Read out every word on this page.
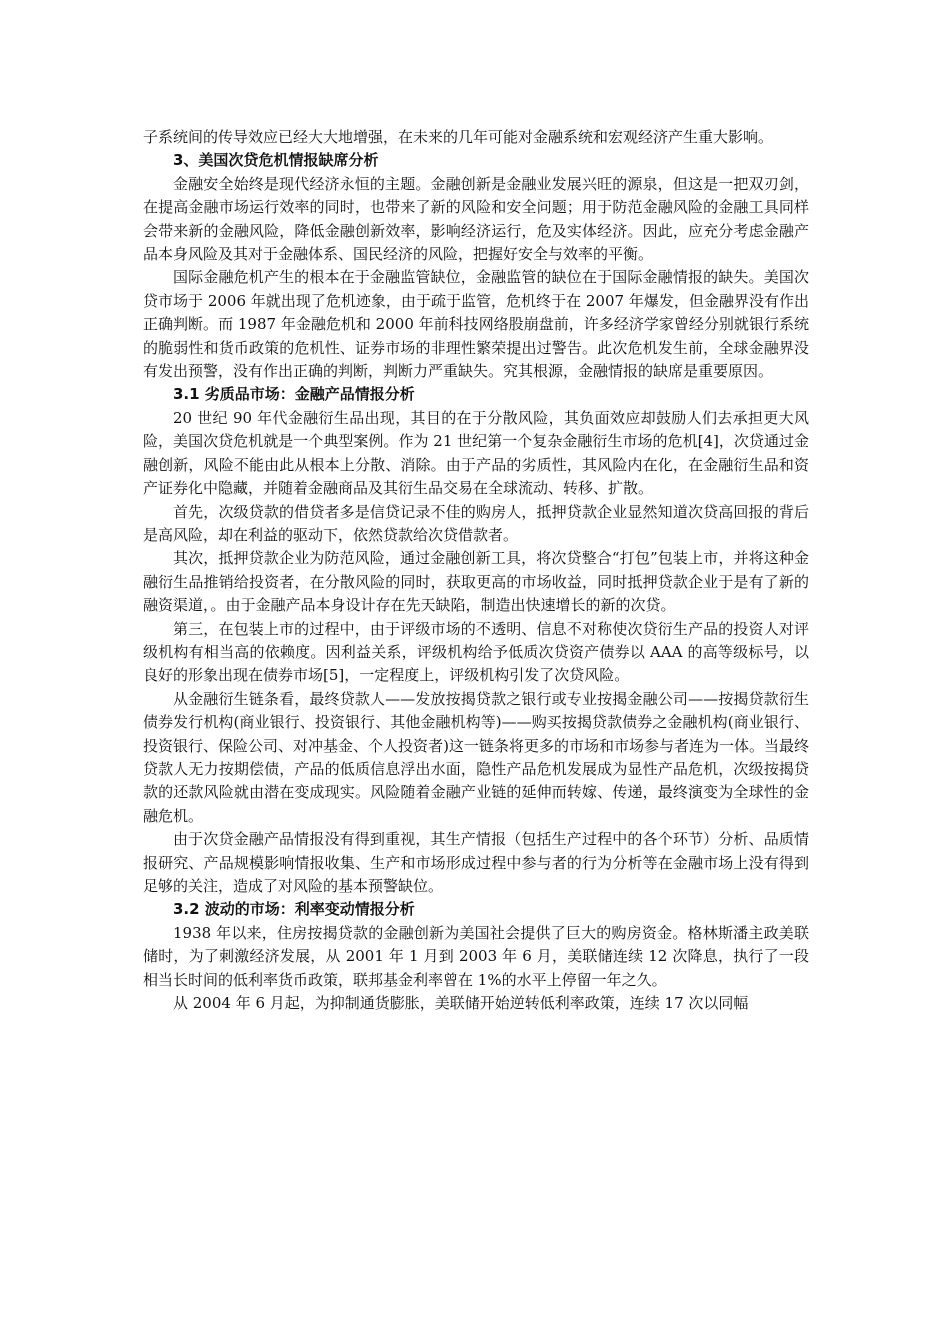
子系统间的传导效应已经大大地增强，在未来的几年可能对金融系统和宏观经济产生重大影响。

3、美国次贷危机情报缺席分析

金融安全始终是现代经济永恒的主题。金融创新是金融业发展兴旺的源泉，但这是一把双刃剑，在提高金融市场运行效率的同时，也带来了新的风险和安全问题；用于防范金融风险的金融工具同样会带来新的金融风险，降低金融创新效率，影响经济运行，危及实体经济。因此，应充分考虑金融产品本身风险及其对于金融体系、国民经济的风险，把握好安全与效率的平衡。

国际金融危机产生的根本在于金融监管缺位，金融监管的缺位在于国际金融情报的缺失。美国次贷市场于 2006 年就出现了危机迹象，由于疏于监管，危机终于在 2007 年爆发，但金融界没有作出正确判断。而 1987 年金融危机和 2000 年前科技网络股崩盘前，许多经济学家曾经分别就银行系统的脆弱性和货币政策的危机性、证券市场的非理性繁荣提出过警告。此次危机发生前，全球金融界没有发出预警，没有作出正确的判断，判断力严重缺失。究其根源，金融情报的缺席是重要原因。

3.1 劣质品市场：金融产品情报分析

20 世纪 90 年代金融衍生品出现，其目的在于分散风险，其负面效应却鼓励人们去承担更大风险，美国次贷危机就是一个典型案例。作为 21 世纪第一个复杂金融衍生市场的危机[4]，次贷通过金融创新，风险不能由此从根本上分散、消除。由于产品的劣质性，其风险内在化，在金融衍生品和资产证券化中隐藏，并随着金融商品及其衍生品交易在全球流动、转移、扩散。

首先，次级贷款的借贷者多是信贷记录不佳的购房人，抵押贷款企业显然知道次贷高回报的背后是高风险，却在利益的驱动下，依然贷款给次贷借款者。

其次，抵押贷款企业为防范风险，通过金融创新工具，将次贷整合“打包”包装上市，并将这种金融衍生品推销给投资者，在分散风险的同时，获取更高的市场收益，同时抵押贷款企业于是有了新的融资渠道，。由于金融产品本身设计存在先天缺陷，制造出快速增长的新的次贷。

第三，在包装上市的过程中，由于评级市场的不透明、信息不对称使次贷衍生产品的投资人对评级机构有相当高的依赖度。因利益关系，评级机构给予低质次贷资产债券以 AAA 的高等级标号，以良好的形象出现在债券市场[5]，一定程度上，评级机构引发了次贷风险。

从金融衍生链条看，最终贷款人——发放按揭贷款之银行或专业按揭金融公司——按揭贷款衍生债券发行机构(商业银行、投资银行、其他金融机构等)——购买按揭贷款债券之金融机构(商业银行、投资银行、保险公司、对冲基金、个人投资者)这一链条将更多的市场和市场参与者连为一体。当最终贷款人无力按期偿债，产品的低质信息浮出水面，隐性产品危机发展成为显性产品危机，次级按揭贷款的还款风险就由潜在变成现实。风险随着金融产业链的延伸而转嫁、传递，最终演变为全球性的金融危机。

由于次贷金融产品情报没有得到重视，其生产情报（包括生产过程中的各个环节）分析、品质情报研究、产品规模影响情报收集、生产和市场形成过程中参与者的行为分析等在金融市场上没有得到足够的关注，造成了对风险的基本预警缺位。

3.2 波动的市场：利率变动情报分析

1938 年以来，住房按揭贷款的金融创新为美国社会提供了巨大的购房资金。格林斯潘主政美联储时，为了刺激经济发展，从 2001 年 1 月到 2003 年 6 月，美联储连续 12 次降息，执行了一段相当长时间的低利率货币政策，联邦基金利率曾在 1%的水平上停留一年之久。

从 2004 年 6 月起，为抑制通货膨胀，美联储开始逆转低利率政策，连续 17 次以同幅
